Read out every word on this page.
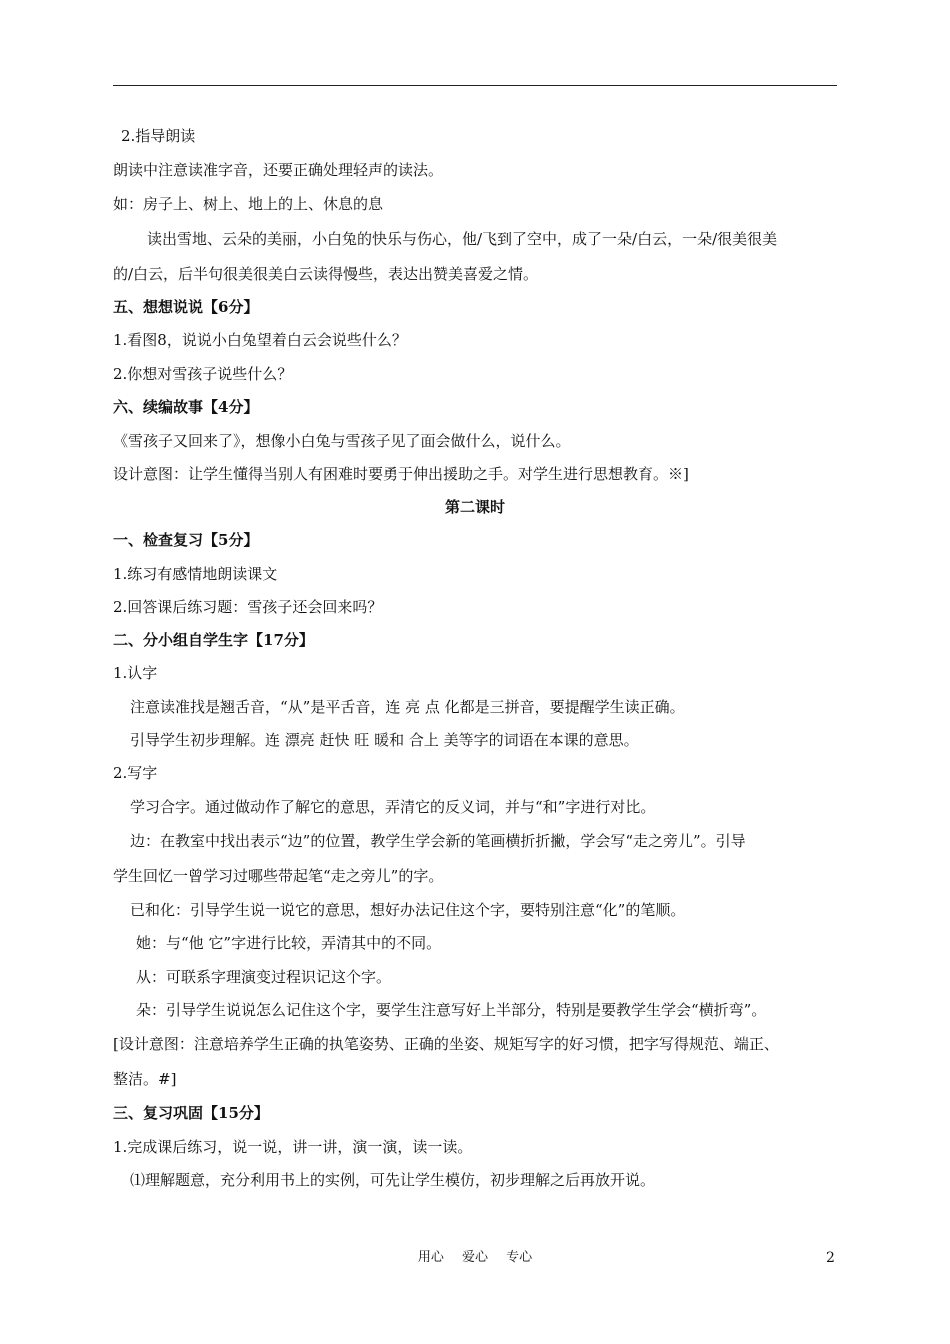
2.指导朗读
朗读中注意读准字音，还要正确处理轻声的读法。
如：房子上、树上、地上的上、休息的息
读出雪地、云朵的美丽，小白兔的快乐与伤心，他/飞到了空中，成了一朵/白云，一朵/很美很美
的/白云，后半句很美很美白云读得慢些，表达出赞美喜爱之情。
五、想想说说【6分】
1.看图8，说说小白兔望着白云会说些什么？
2.你想对雪孩子说些什么？
六、续编故事【4分】
《雪孩子又回来了》，想像小白兔与雪孩子见了面会做什么，说什么。
设计意图：让学生懂得当别人有困难时要勇于伸出援助之手。对学生进行思想教育。※]
第二课时
一、检查复习【5分】
1.练习有感情地朗读课文
2.回答课后练习题：雪孩子还会回来吗？
二、分小组自学生字【17分】
1.认字
注意读准找是翘舌音，“从”是平舌音，连 亮 点 化都是三拼音，要提醒学生读正确。
引导学生初步理解。连 漂亮 赶快 旺 暖和 合上 美等字的词语在本课的意思。
2.写字
学习合字。通过做动作了解它的意思，弄清它的反义词，并与“和”字进行对比。
边：在教室中找出表示“边”的位置，教学生学会新的笔画横折折撇，学会写“走之旁儿”。引导
学生回忆一曾学习过哪些带起笔“走之旁儿”的字。
已和化：引导学生说一说它的意思，想好办法记住这个字，要特别注意“化”的笔顺。
她：与“他 它”字进行比较，弄清其中的不同。
从：可联系字理演变过程识记这个字。
朵：引导学生说说怎么记住这个字，要学生注意写好上半部分，特别是要教学生学会“横折弯”。
[设计意图：注意培养学生正确的执笔姿势、正确的坐姿、规矩写字的好习惯，把字写得规范、端正、
整洁。#]
三、复习巩固【15分】
1.完成课后练习，说一说，讲一讲，演一演，读一读。
⑴理解题意，充分利用书上的实例，可先让学生模仿，初步理解之后再放开说。
用心 爱心 专心	2
